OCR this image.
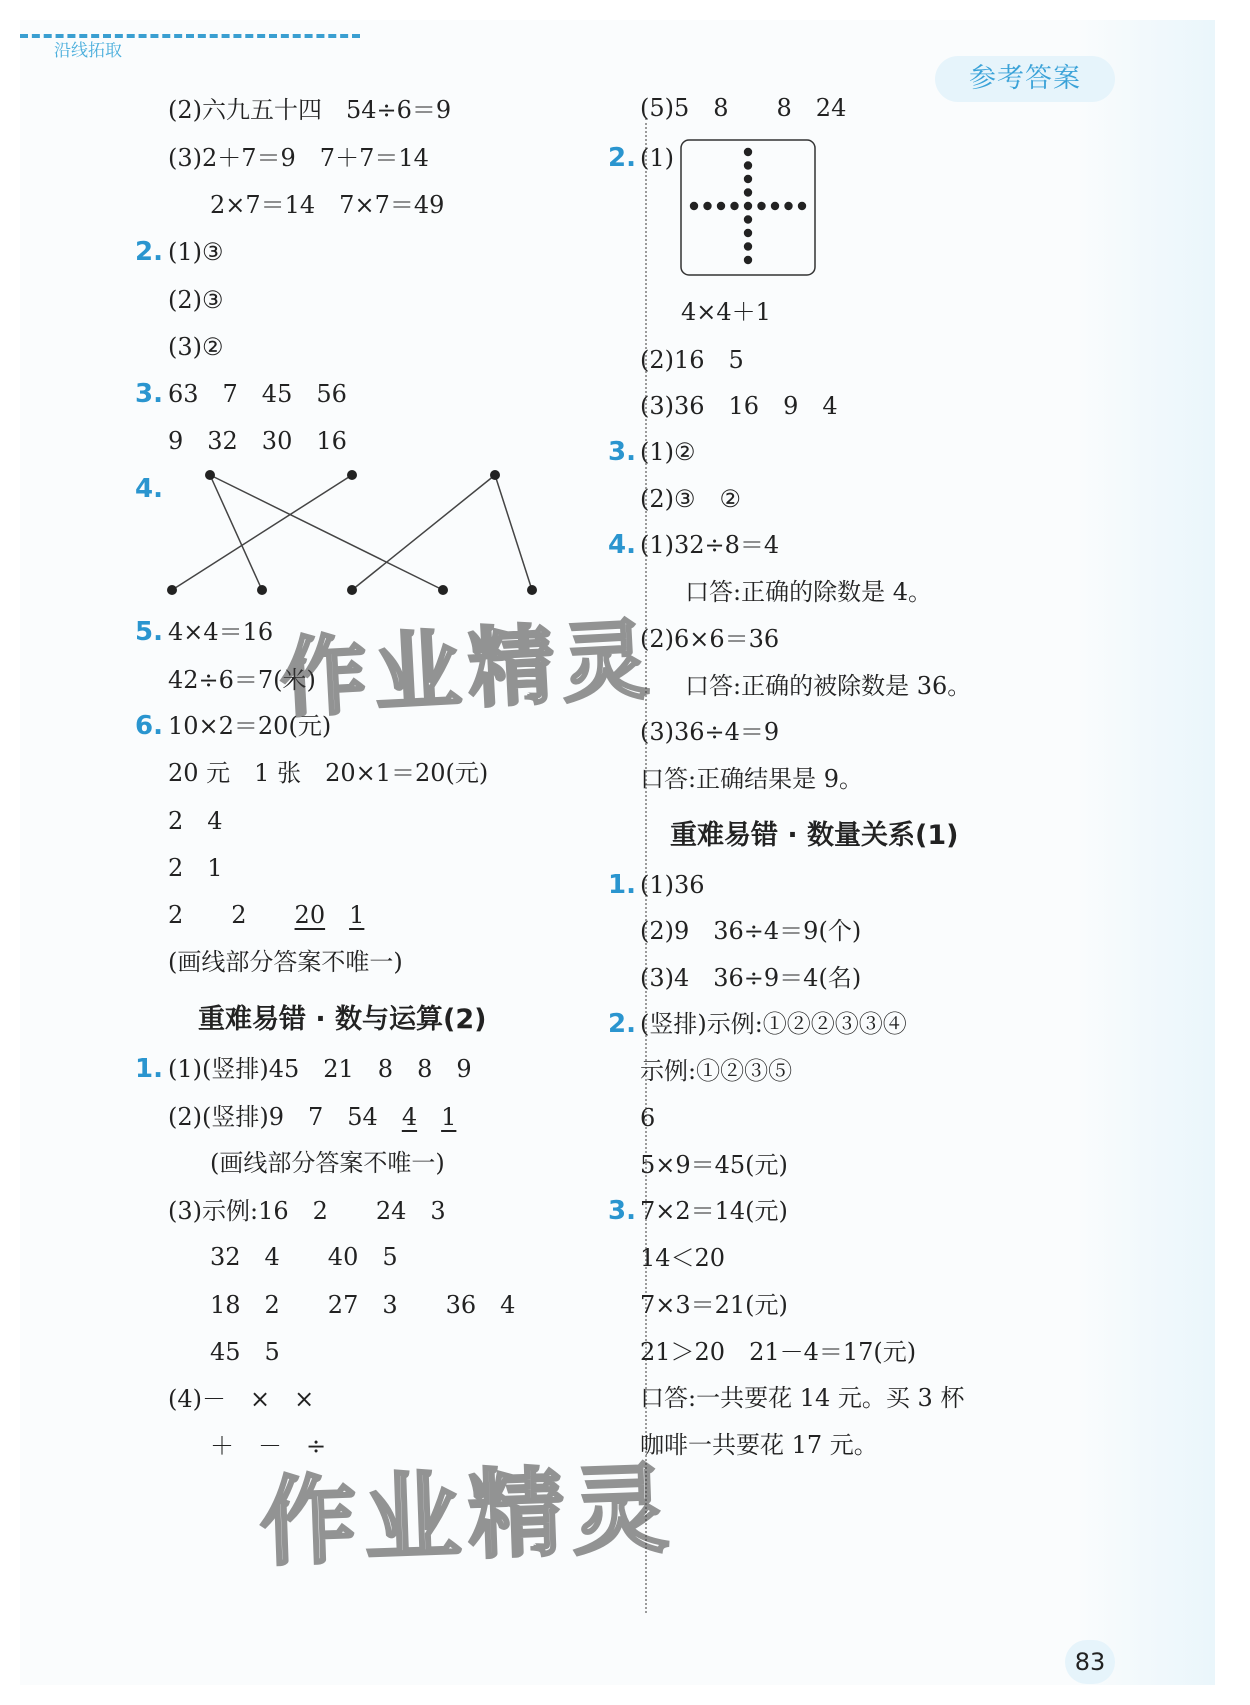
沿线拓取
参考答案
(2)六九五十四　54÷6＝9
(3)2＋7＝9　7＋7＝14
2×7＝14　7×7＝49
2. (1)③
(2)③
(3)②
3. 63　7　45　56
9　32　30　16
4.
5. 4×4＝16
42÷6＝7(米)
6. 10×2＝20(元)
20 元　1 张　20×1＝20(元)
2　4
2　1
2　　2　　20　 1
(画线部分答案不唯一)
重难易错 · 数与运算(2)
1. (1)(竖排)45　21　8　8　9
(2)(竖排)9　7　54　4　 1
(画线部分答案不唯一)
(3)示例:16　2　　24　3
32　4　　40　5
18　2　　27　3　　36　4
45　5
(4)－　×　×
＋　－　÷
(5)5　8　　8　24
2. (1)
4×4＋1
(2)16　5
(3)36　16　9　4
3. (1)②
(2)③　②
4. (1)32÷8＝4
口答:正确的除数是 4。
(2)6×6＝36
口答:正确的被除数是 36。
(3)36÷4＝9
口答:正确结果是 9。
重难易错 · 数量关系(1)
1. (1)36
(2)9　36÷4＝9(个)
(3)4　36÷9＝4(名)
2. (竖排)示例:①②②③③④
示例:①②③⑤
6
5×9＝45(元)
3. 7×2＝14(元)
14＜20
7×3＝21(元)
21＞20　21－4＝17(元)
口答:一共要花 14 元。买 3 杯
咖啡一共要花 17 元。
作业精灵
作业精灵
83
